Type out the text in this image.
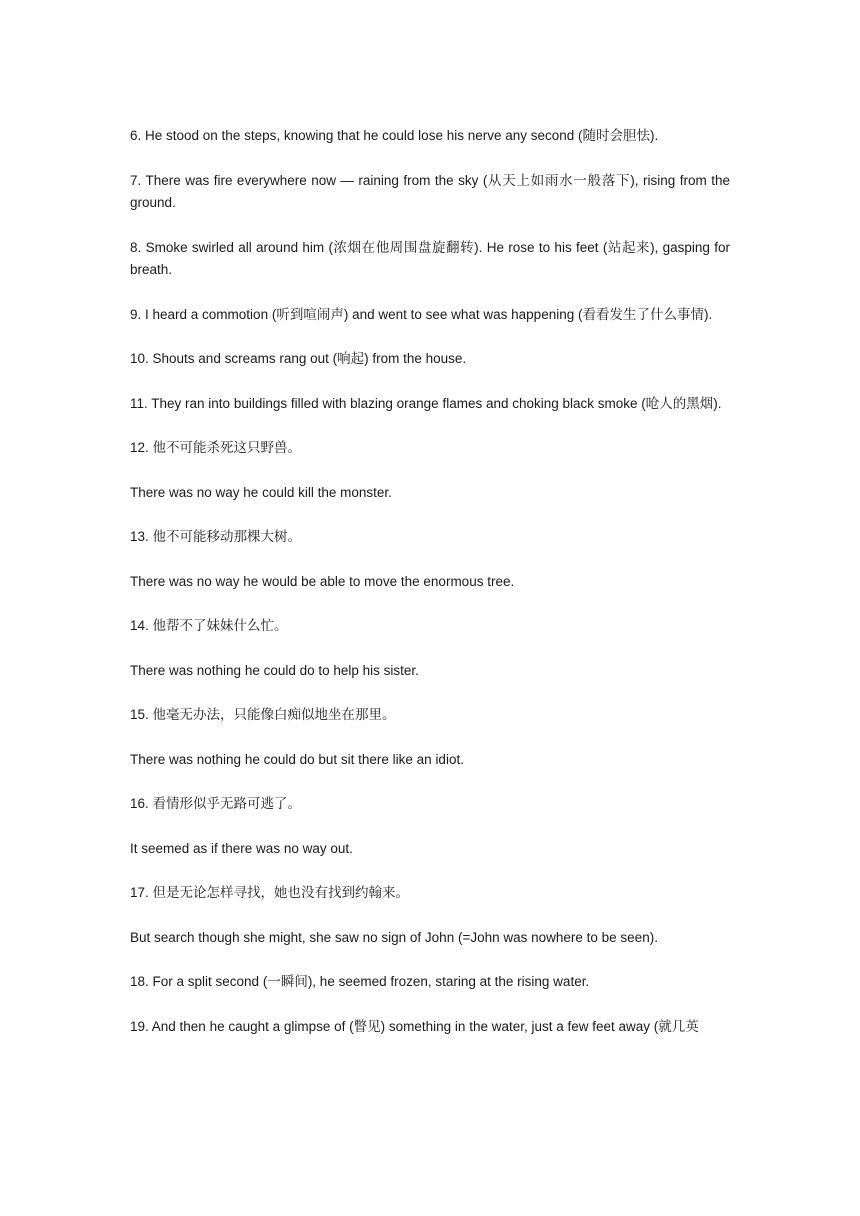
6. He stood on the steps, knowing that he could lose his nerve any second (随时会胆怯).

7. There was fire everywhere now — raining from the sky (从天上如雨水一般落下), rising from the ground.

8. Smoke swirled all around him (浓烟在他周围盘旋翻转). He rose to his feet (站起来), gasping for breath.

9. I heard a commotion (听到喧闹声) and went to see what was happening (看看发生了什么事情).

10. Shouts and screams rang out (响起) from the house.

11. They ran into buildings filled with blazing orange flames and choking black smoke (呛人的黑烟).

12. 他不可能杀死这只野兽。

There was no way he could kill the monster.

13. 他不可能移动那棵大树。

There was no way he would be able to move the enormous tree.

14. 他帮不了妹妹什么忙。

There was nothing he could do to help his sister.

15. 他毫无办法，只能像白痴似地坐在那里。

There was nothing he could do but sit there like an idiot.

16. 看情形似乎无路可逃了。

It seemed as if there was no way out.

17. 但是无论怎样寻找，她也没有找到约翰来。

But search though she might, she saw no sign of John (=John was nowhere to be seen).

18. For a split second (一瞬间), he seemed frozen, staring at the rising water.

19. And then he caught a glimpse of (瞥见) something in the water, just a few feet away (就几英
